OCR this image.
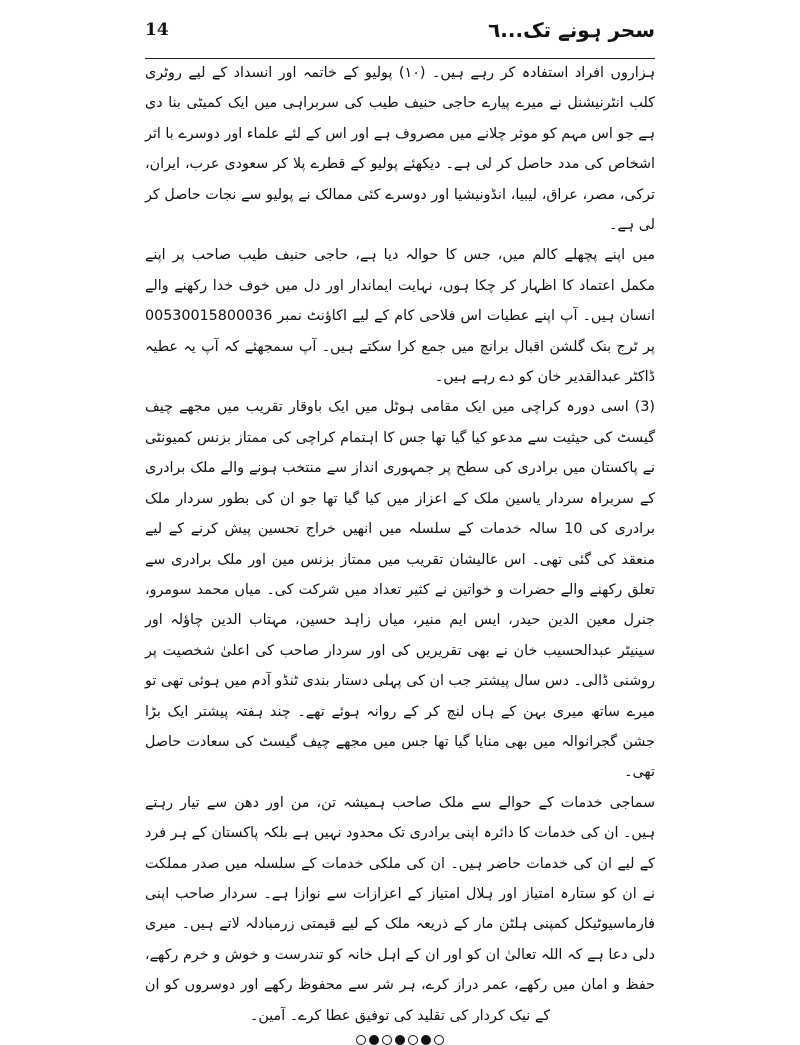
14	سحر ہونے تک...٦

ہزاروں افراد استفادہ کر رہے ہیں۔ (۱۰) پولیو کے خاتمہ اور انسداد کے لیے روٹری کلب انٹرنیشنل نے میرے پیارے حاجی حنیف طیب کی سربراہی میں ایک کمیٹی بنا دی ہے جو اس مہم کو موثر چلانے میں مصروف ہے اور اس کے لئے علماء اور دوسرے با اثر اشخاص کی مدد حاصل کر لی ہے۔ دیکھئے پولیو کے قطرے پلا کر سعودی عرب، ایران، ترکی، مصر، عراق، لیبیا، انڈونیشیا اور دوسرے کئی ممالک نے پولیو سے نجات حاصل کر لی ہے۔

میں اپنے پچھلے کالم میں، جس کا حوالہ دیا ہے، حاجی حنیف طیب صاحب پر اپنے مکمل اعتماد کا اظہار کر چکا ہوں، نہایت ایماندار اور دل میں خوف خدا رکھنے والے انسان ہیں۔ آپ اپنے عطیات اس فلاحی کام کے لیے اکاؤنٹ نمبر 00530015800036 پر ٹرج بنک گلشن اقبال برانچ میں جمع کرا سکتے ہیں۔ آپ سمجھئے کہ آپ یہ عطیہ ڈاکٹر عبدالقدیر خان کو دے رہے ہیں۔

(3) اسی دورہ کراچی میں ایک مقامی ہوٹل میں ایک باوقار تقریب میں مجھے چیف گیسٹ کی حیثیت سے مدعو کیا گیا تھا جس کا اہتمام کراچی کی ممتاز بزنس کمیونٹی نے پاکستان میں برادری کی سطح پر جمہوری انداز سے منتخب ہونے والے ملک برادری کے سربراہ سردار یاسین ملک کے اعزاز میں کیا گیا تھا جو ان کی بطور سردار ملک برادری کی 10 سالہ خدمات کے سلسلہ میں انھیں خراج تحسین پیش کرنے کے لیے منعقد کی گئی تھی۔ اس عالیشان تقریب میں ممتاز بزنس مین اور ملک برادری سے تعلق رکھنے والے حضرات و خواتین نے کثیر تعداد میں شرکت کی۔ میاں محمد سومرو، جنرل معین الدین حیدر، ایس ایم منیر، میاں زاہد حسین، مہتاب الدین چاؤلہ اور سینیٹر عبدالحسیب خان نے بھی تقریریں کی اور سردار صاحب کی اعلیٰ شخصیت پر روشنی ڈالی۔ دس سال پیشتر جب ان کی پہلی دستار بندی ٹنڈو آدم میں ہوئی تھی تو میرے ساتھ میری بہن کے ہاں لنچ کر کے روانہ ہوئے تھے۔ چند ہفتہ پیشتر ایک بڑا جشن گجرانوالہ میں بھی منایا گیا تھا جس میں مجھے چیف گیسٹ کی سعادت حاصل تھی۔

سماجی خدمات کے حوالے سے ملک صاحب ہمیشہ تن، من اور دھن سے تیار رہتے ہیں۔ ان کی خدمات کا دائرہ اپنی برادری تک محدود نہیں ہے بلکہ پاکستان کے ہر فرد کے لیے ان کی خدمات حاضر ہیں۔ ان کی ملکی خدمات کے سلسلہ میں صدر مملکت نے ان کو ستارہ امتیاز اور ہلال امتیاز کے اعزازات سے نوازا ہے۔ سردار صاحب اپنی فارماسیوٹیکل کمپنی ہلٹن مار کے ذریعہ ملک کے لیے قیمتی زرمبادلہ لاتے ہیں۔ میری دلی دعا ہے کہ اللہ تعالیٰ ان کو اور ان کے اہل خانہ کو تندرست و خوش و خرم رکھے، حفظ و امان میں رکھے، عمر دراز کرے، ہر شر سے محفوظ رکھے اور دوسروں کو ان کے نیک کردار کی تقلید کی توفیق عطا کرے۔ آمین۔
